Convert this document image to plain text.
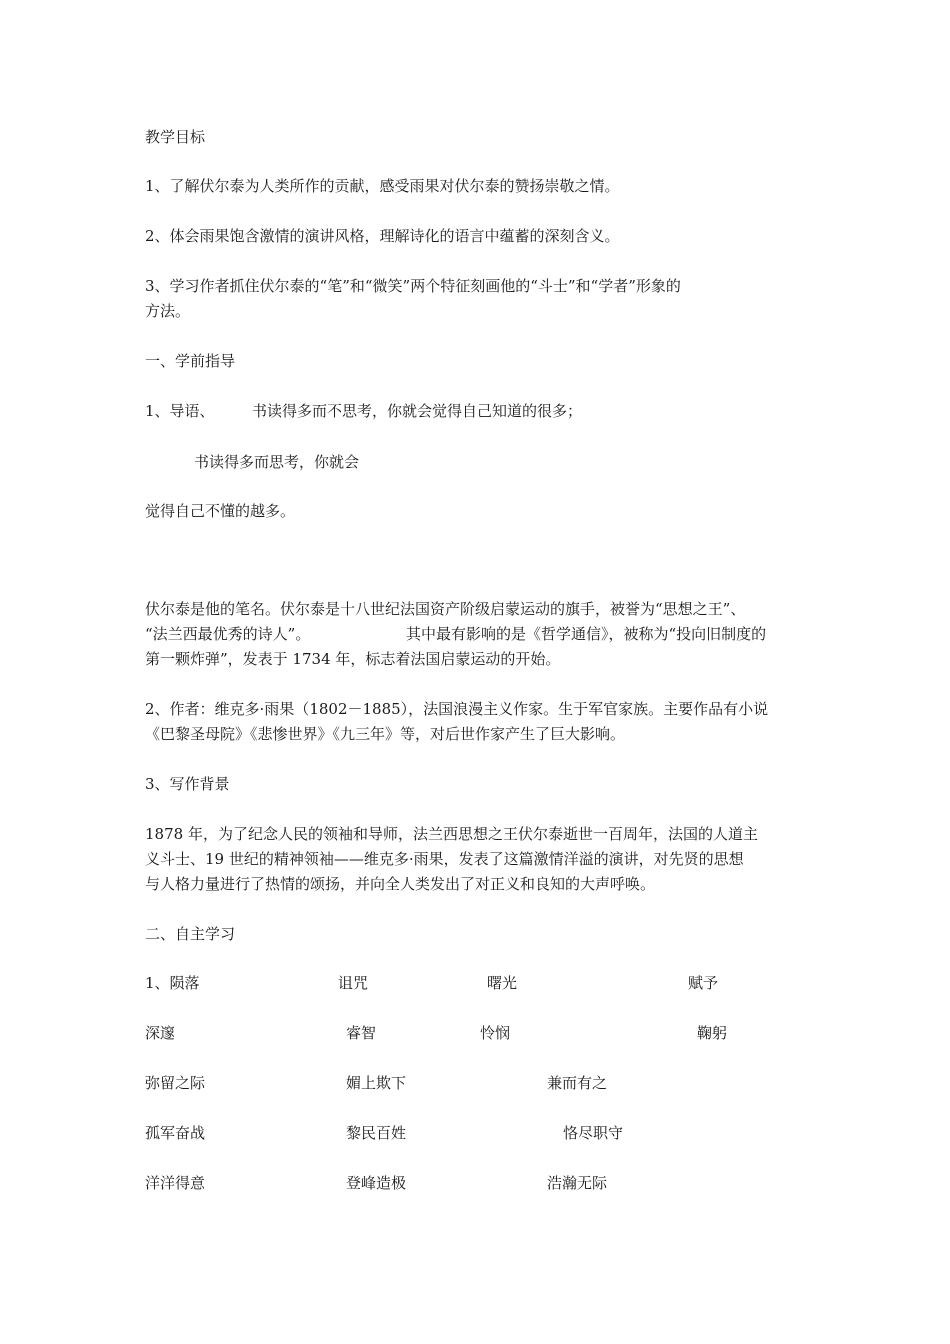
教学目标
1、了解伏尔泰为人类所作的贡献，感受雨果对伏尔泰的赞扬崇敬之情。
2、体会雨果饱含激情的演讲风格，理解诗化的语言中蕴蓄的深刻含义。
3、学习作者抓住伏尔泰的“笔”和“微笑”两个特征刻画他的“斗士”和“学者”形象的
方法。
一、学前指导
1、导语、 书读得多而不思考，你就会觉得自己知道的很多；
书读得多而思考，你就会
觉得自己不懂的越多。
伏尔泰是他的笔名。伏尔泰是十八世纪法国资产阶级启蒙运动的旗手，被誉为“思想之王”、
“法兰西最优秀的诗人”。	其中最有影响的是《哲学通信》，被称为“投向旧制度的
第一颗炸弹”，发表于 1734 年，标志着法国启蒙运动的开始。
2、作者：维克多·雨果（1802－1885），法国浪漫主义作家。生于军官家族。主要作品有小说
《巴黎圣母院》《悲惨世界》《九三年》等，对后世作家产生了巨大影响。
3、写作背景
1878 年，为了纪念人民的领袖和导师，法兰西思想之王伏尔泰逝世一百周年，法国的人道主
义斗士、19 世纪的精神领袖——维克多·雨果，发表了这篇激情洋溢的演讲，对先贤的思想
与人格力量进行了热情的颂扬，并向全人类发出了对正义和良知的大声呼唤。
二、自主学习
1、陨落	诅咒	曙光	赋予
深邃	睿智	怜悯	鞠躬
弥留之际	媚上欺下	兼而有之
孤军奋战	黎民百姓	恪尽职守
洋洋得意	登峰造极	浩瀚无际
